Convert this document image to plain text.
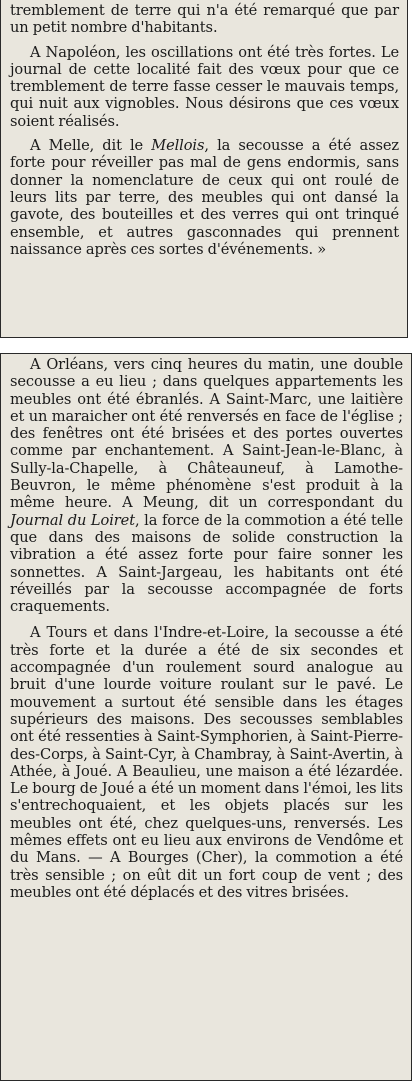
tremblement de terre qui n'a été remarqué que par un petit nombre d'habitants.

A Napoléon, les oscillations ont été très fortes. Le journal de cette localité fait des vœux pour que ce tremblement de terre fasse cesser le mauvais temps, qui nuit aux vignobles. Nous désirons que ces vœux soient réalisés.

A Melle, dit le Mellois, la secousse a été assez forte pour réveiller pas mal de gens endormis, sans donner la nomenclature de ceux qui ont roulé de leurs lits par terre, des meubles qui ont dansé la gavote, des bouteilles et des verres qui ont trinqué ensemble, et autres gasconnades qui prennent naissance après ces sortes d'événements. »

A Orléans, vers cinq heures du matin, une double secousse a eu lieu ; dans quelques appartements les meubles ont été ébranlés. A Saint-Marc, une laitière et un maraicher ont été renversés en face de l'église ; des fenêtres ont été brisées et des portes ouvertes comme par enchantement. A Saint-Jean-le-Blanc, à Sully-la-Chapelle, à Châteauneuf, à Lamothe-Beuvron, le même phénomène s'est produit à la même heure. A Meung, dit un correspondant du Journal du Loiret, la force de la commotion a été telle que dans des maisons de solide construction la vibration a été assez forte pour faire sonner les sonnettes. A Saint-Jargeau, les habitants ont été réveillés par la secousse accompagnée de forts craquements.

A Tours et dans l'Indre-et-Loire, la secousse a été très forte et la durée a été de six secondes et accompagnée d'un roulement sourd analogue au bruit d'une lourde voiture roulant sur le pavé. Le mouvement a surtout été sensible dans les étages supérieurs des maisons. Des secousses semblables ont été ressenties à Saint-Symphorien, à Saint-Pierre-des-Corps, à Saint-Cyr, à Chambray, à Saint-Avertin, à Athée, à Joué. A Beaulieu, une maison a été lézardée. Le bourg de Joué a été un moment dans l'émoi, les lits s'entrechoquaient, et les objets placés sur les meubles ont été, chez quelques-uns, renversés. Les mêmes effets ont eu lieu aux environs de Vendôme et du Mans. — A Bourges (Cher), la commotion a été très sensible ; on eût dit un fort coup de vent ; des meubles ont été déplacés et des vitres brisées.
